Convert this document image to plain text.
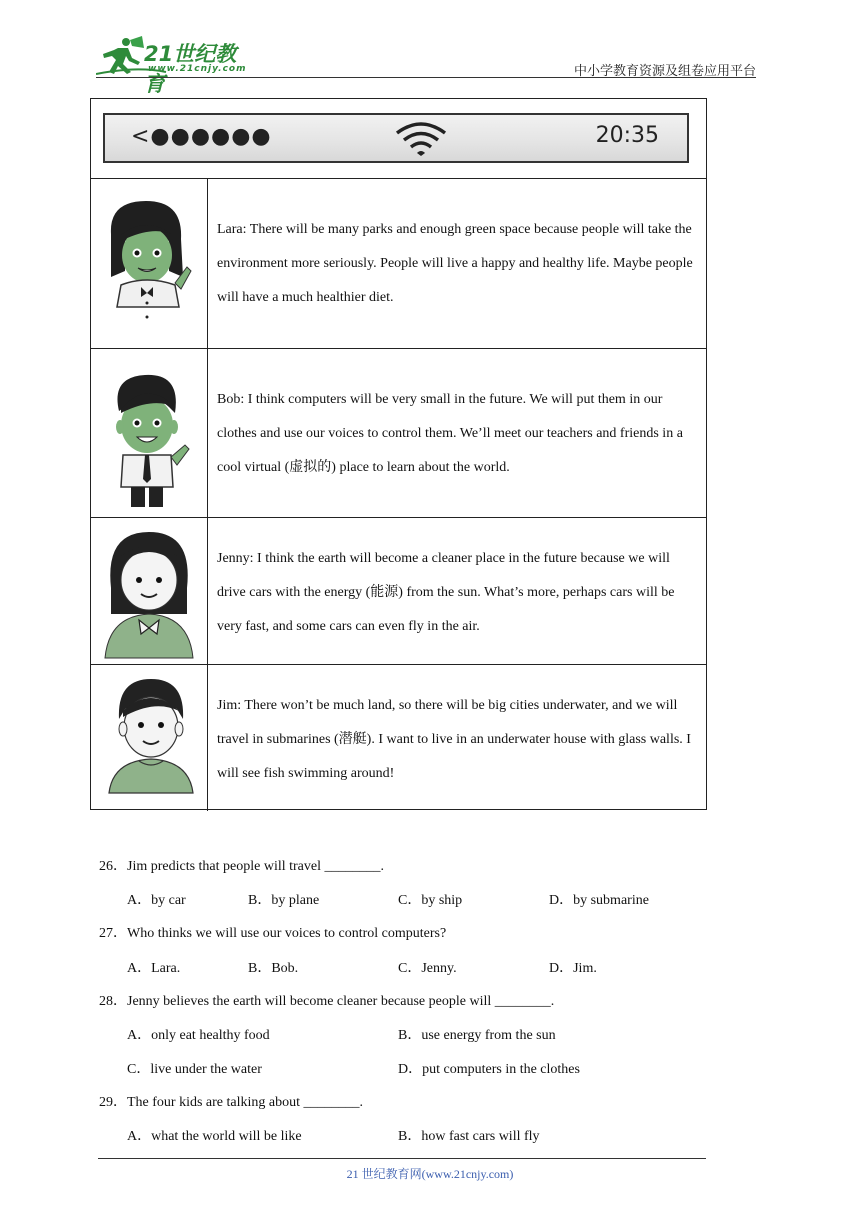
21世纪教育
www.21cnjy.com	中小学教育资源及组卷应用平台
<●●●●●●	20:35
Lara: There will be many parks and enough green space because people will take the environment more seriously. People will live a happy and healthy life. Maybe people will have a much healthier diet.
Bob: I think computers will be very small in the future. We will put them in our clothes and use our voices to control them. We’ll meet our teachers and friends in a cool virtual (虚拟的) place to learn about the world.
Jenny: I think the earth will become a cleaner place in the future because we will drive cars with the energy (能源) from the sun. What’s more, perhaps cars will be very fast, and some cars can even fly in the air.
Jim: There won’t be much land, so there will be big cities underwater, and we will travel in submarines (潜艇). I want to live in an underwater house with glass walls. I will see fish swimming around!
26．Jim predicts that people will travel ________.
A．by car	B．by plane	C．by ship	D．by submarine
27．Who thinks we will use our voices to control computers?
A．Lara.	B．Bob.	C．Jenny.	D．Jim.
28．Jenny believes the earth will become cleaner because people will ________.
A．only eat healthy food	B．use energy from the sun
C．live under the water	D．put computers in the clothes
29．The four kids are talking about ________.
A．what the world will be like	B．how fast cars will fly
21 世纪教育网(www.21cnjy.com)
